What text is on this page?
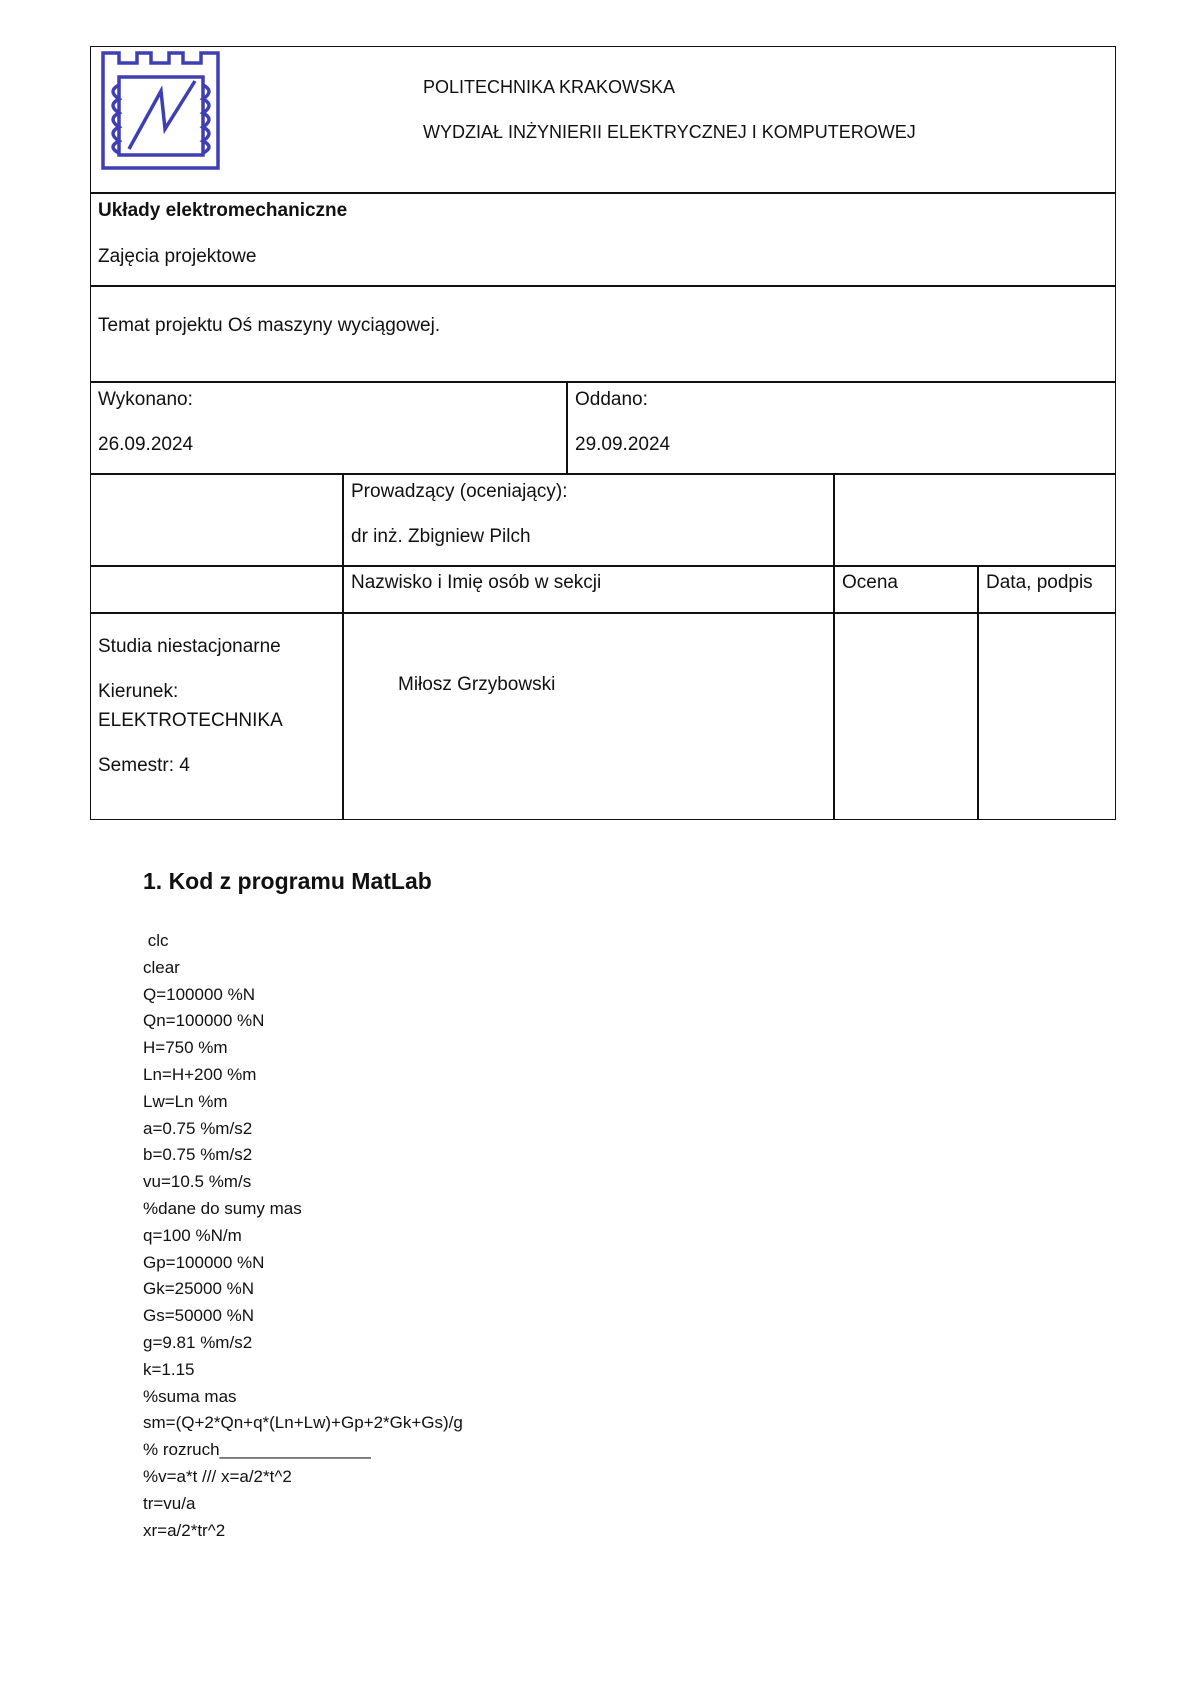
POLITECHNIKA KRAKOWSKA
WYDZIAŁ INŻYNIERII ELEKTRYCZNEJ I KOMPUTEROWEJ
Układy elektromechaniczne
Zajęcia projektowe
Temat projektu Oś maszyny wyciągowej.
Wykonano:
26.09.2024
Oddano:
29.09.2024
Prowadzący (oceniający):
dr inż. Zbigniew Pilch
Nazwisko i Imię osób w sekcji	Ocena	Data, podpis
Studia niestacjonarne
Kierunek:
ELEKTROTECHNIKA
Semestr: 4
Miłosz Grzybowski
1. Kod z programu MatLab
clc
clear
Q=100000 %N
Qn=100000 %N
H=750 %m
Ln=H+200 %m
Lw=Ln %m
a=0.75 %m/s2
b=0.75 %m/s2
vu=10.5 %m/s
%dane do sumy mas
q=100 %N/m
Gp=100000 %N
Gk=25000 %N
Gs=50000 %N
g=9.81 %m/s2
k=1.15
%suma mas
sm=(Q+2*Qn+q*(Ln+Lw)+Gp+2*Gk+Gs)/g
% rozruch________________
%v=a*t /// x=a/2*t^2
tr=vu/a
xr=a/2*tr^2
